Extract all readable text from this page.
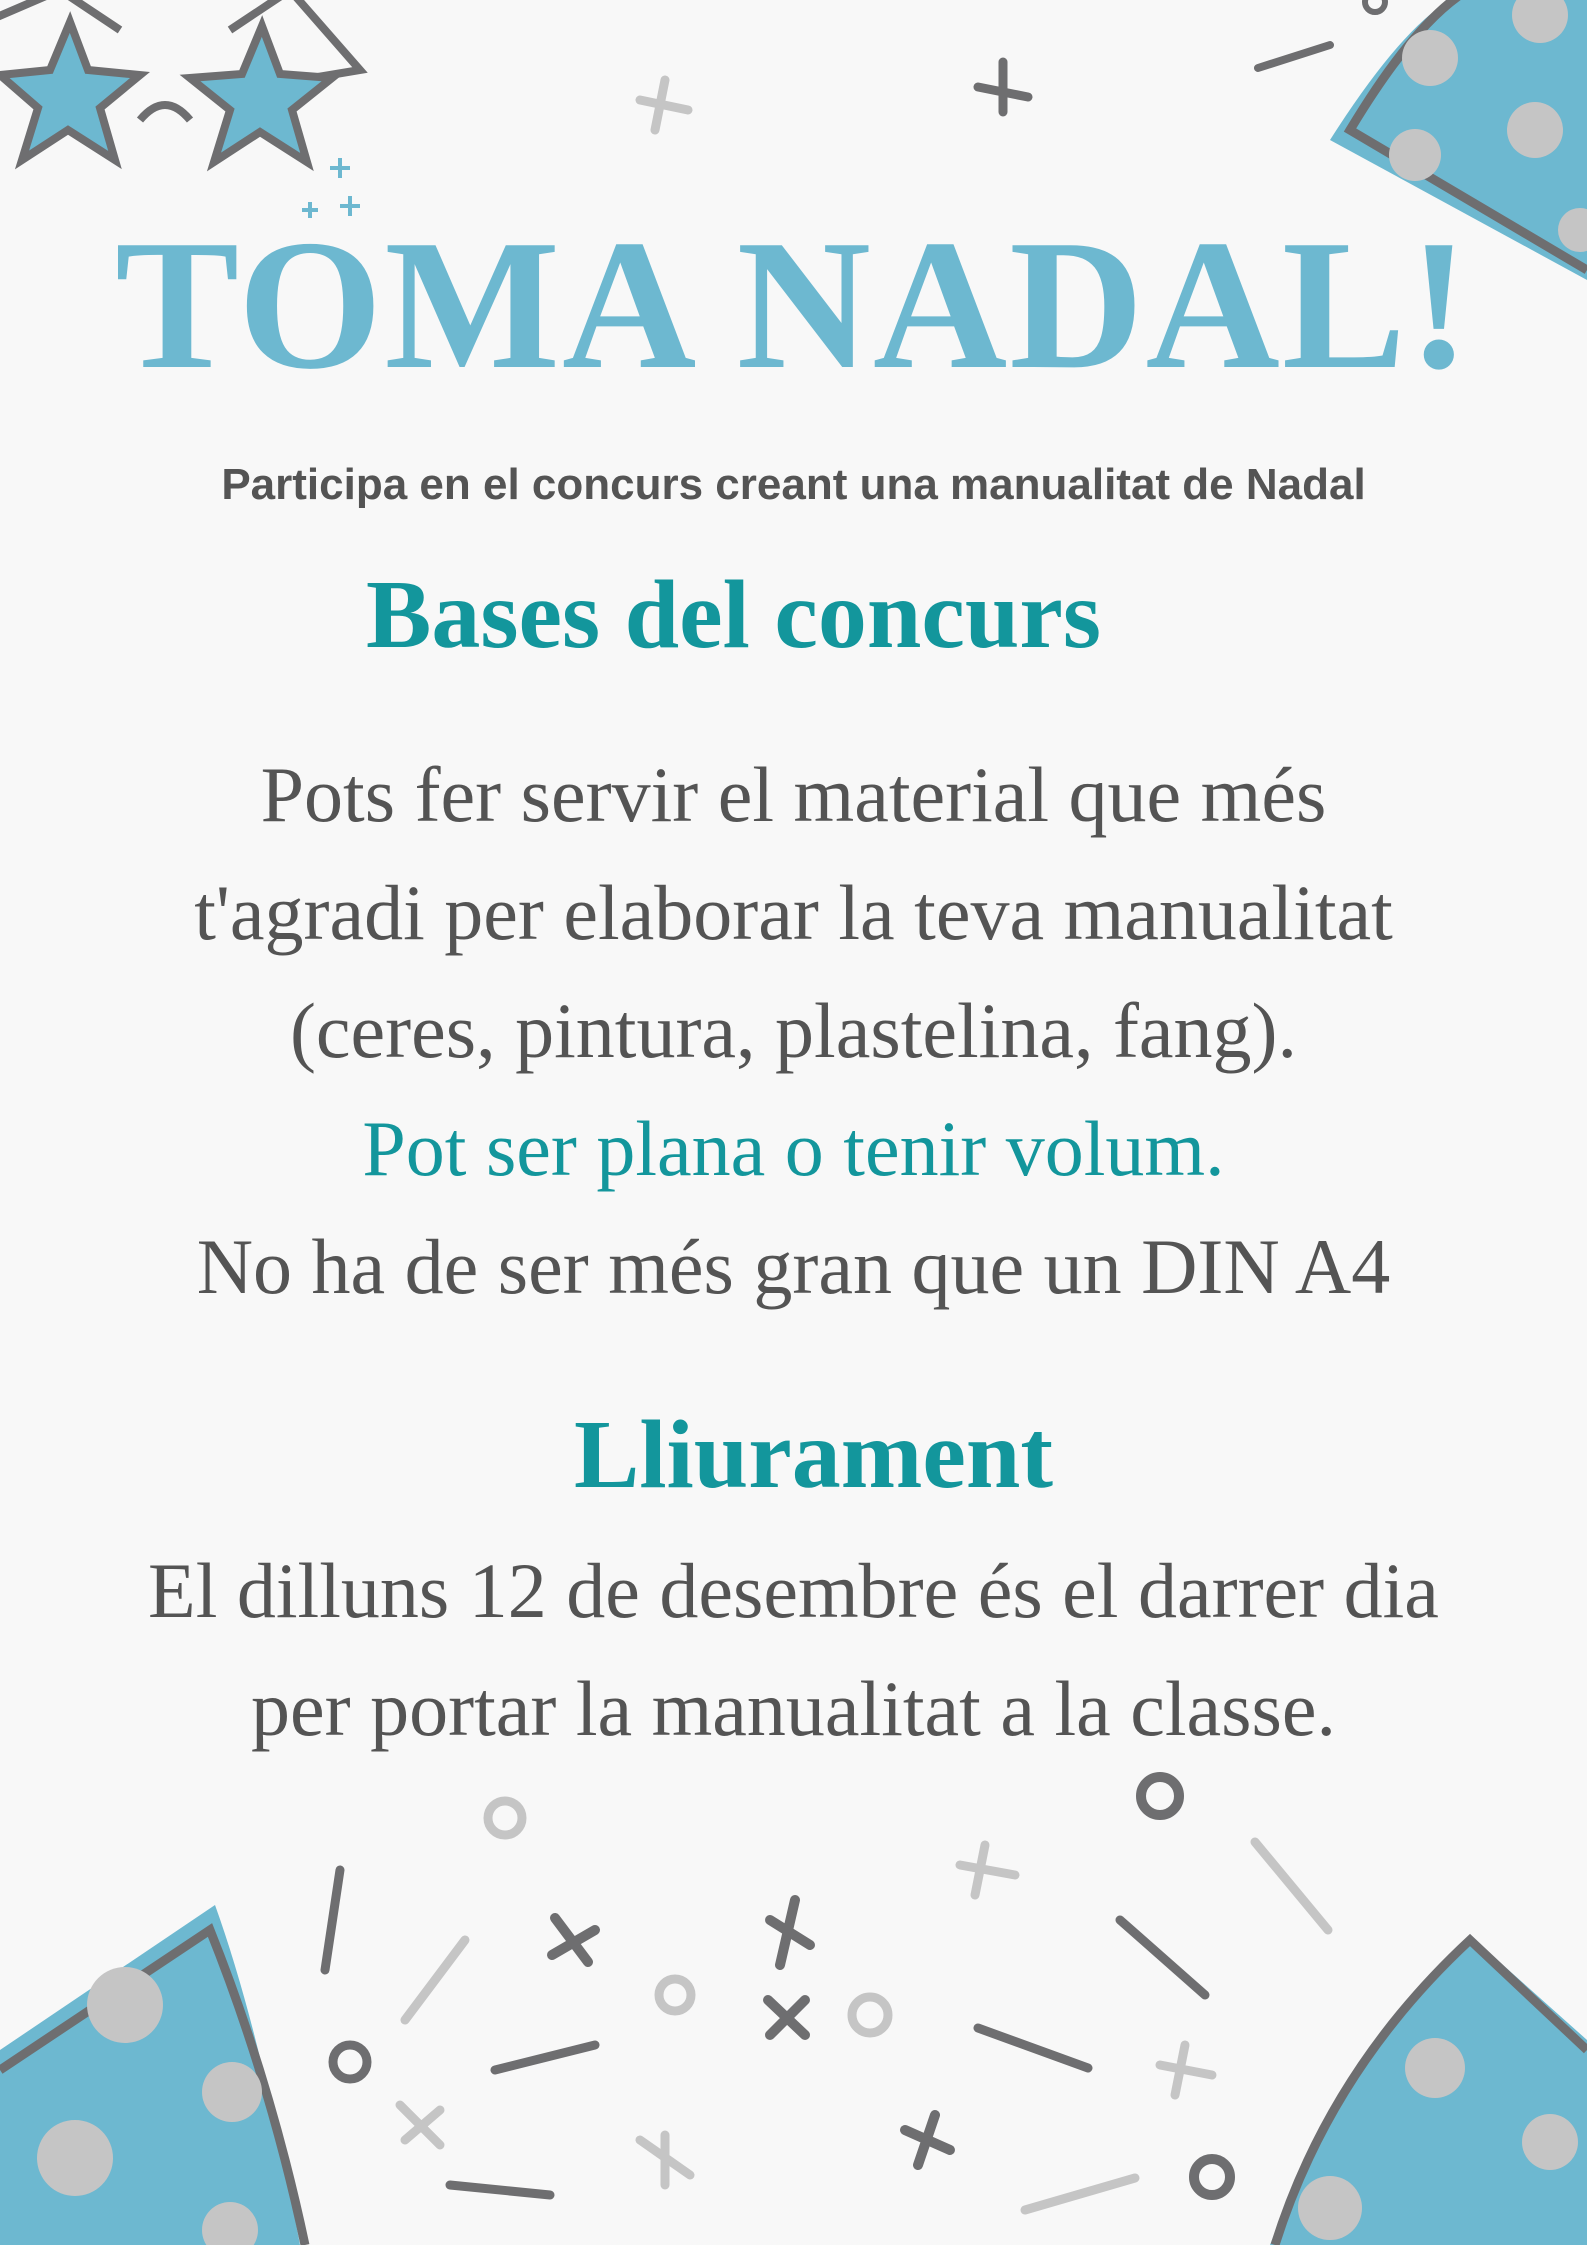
TOMA NADAL!

Participa en el concurs creant una manualitat de Nadal

Bases del concurs
Pots fer servir el material que més
t'agradi per elaborar la teva manualitat
(ceres, pintura, plastelina, fang).
Pot ser plana o tenir volum.
No ha de ser més gran que un DIN A4
Lliurament
El dilluns 12 de desembre és el darrer dia
per portar la manualitat a la classe.
